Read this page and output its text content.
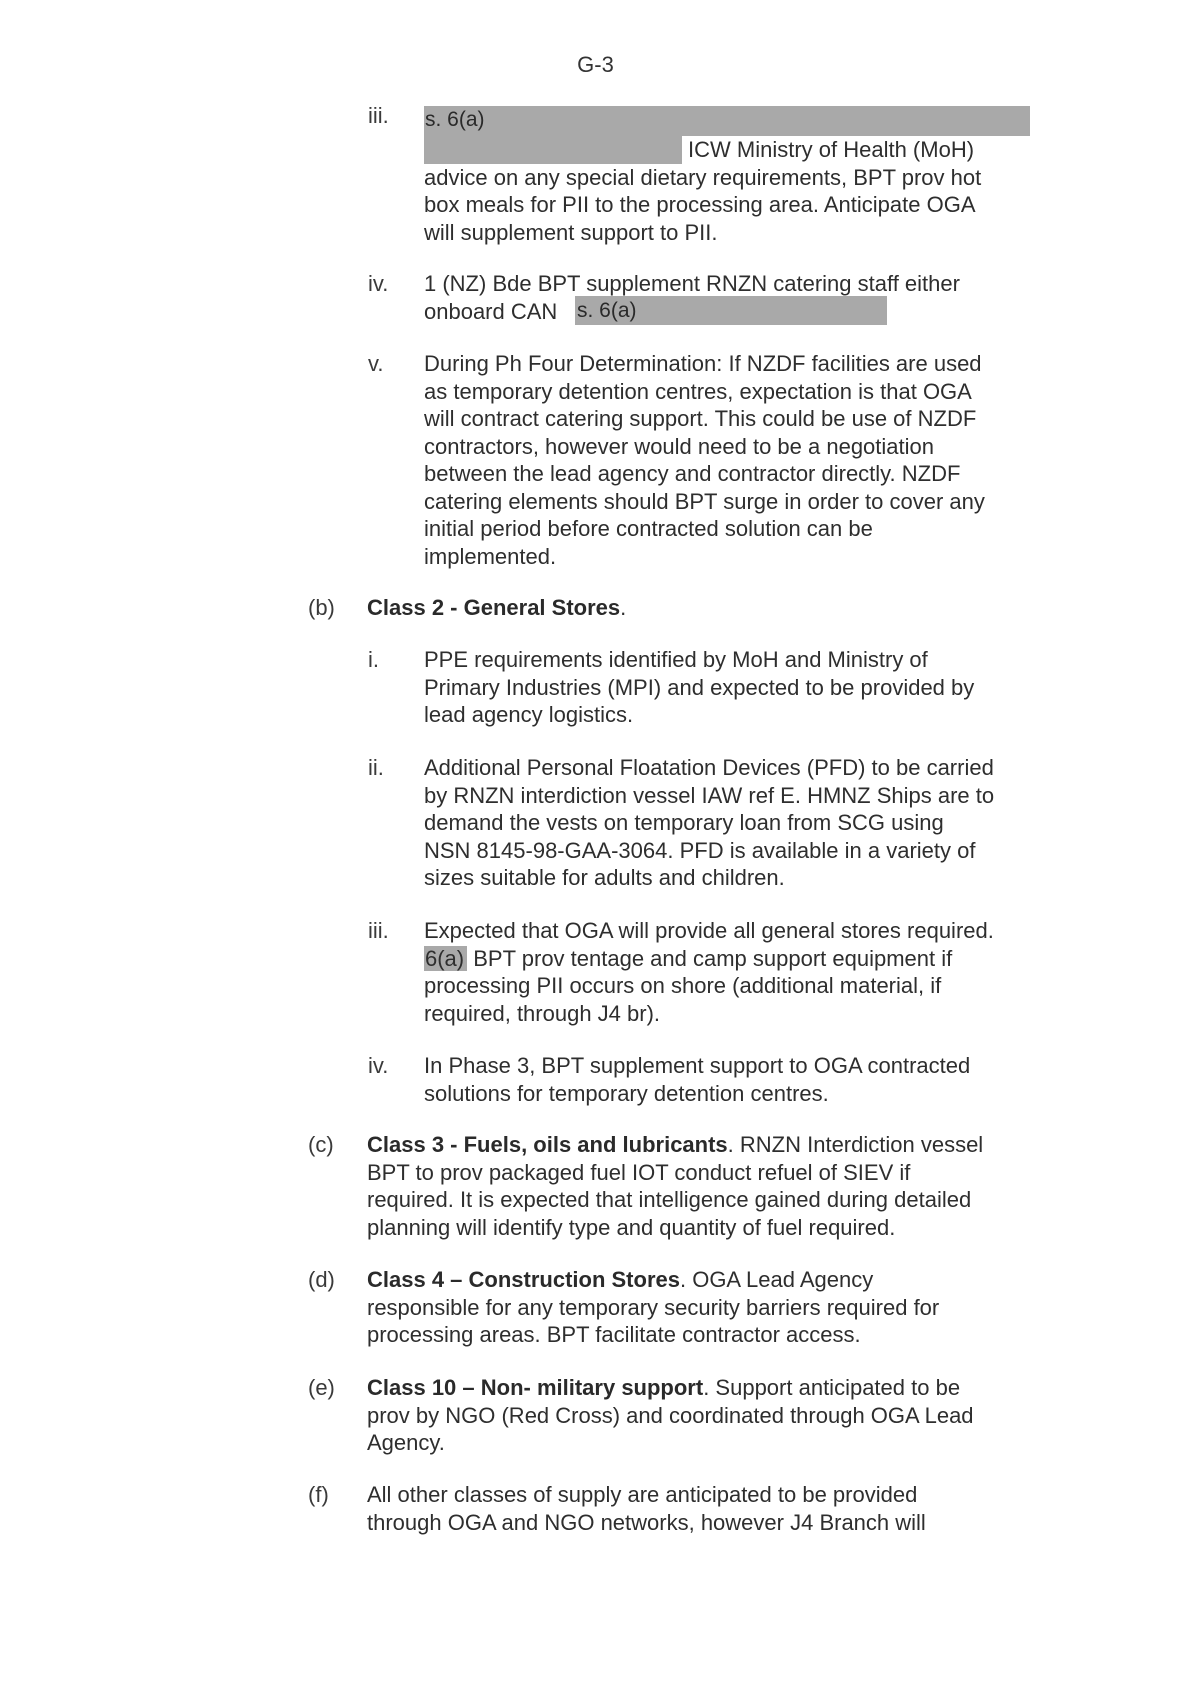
G-3
iii. s. 6(a)
ICW Ministry of Health (MoH)
advice on any special dietary requirements, BPT prov hot
box meals for PII to the processing area. Anticipate OGA
will supplement support to PII.
iv. 1 (NZ) Bde BPT supplement RNZN catering staff either
onboard CAN s. 6(a)
v. During Ph Four Determination: If NZDF facilities are used
as temporary detention centres, expectation is that OGA
will contract catering support. This could be use of NZDF
contractors, however would need to be a negotiation
between the lead agency and contractor directly. NZDF
catering elements should BPT surge in order to cover any
initial period before contracted solution can be
implemented.
(b) Class 2 - General Stores.
i. PPE requirements identified by MoH and Ministry of
Primary Industries (MPI) and expected to be provided by
lead agency logistics.
ii. Additional Personal Floatation Devices (PFD) to be carried
by RNZN interdiction vessel IAW ref E. HMNZ Ships are to
demand the vests on temporary loan from SCG using
NSN 8145-98-GAA-3064. PFD is available in a variety of
sizes suitable for adults and children.
iii. Expected that OGA will provide all general stores required.
6(a) BPT prov tentage and camp support equipment if
processing PII occurs on shore (additional material, if
required, through J4 br).
iv. In Phase 3, BPT supplement support to OGA contracted
solutions for temporary detention centres.
(c) Class 3 - Fuels, oils and lubricants. RNZN Interdiction vessel
BPT to prov packaged fuel IOT conduct refuel of SIEV if
required. It is expected that intelligence gained during detailed
planning will identify type and quantity of fuel required.
(d) Class 4 – Construction Stores. OGA Lead Agency
responsible for any temporary security barriers required for
processing areas. BPT facilitate contractor access.
(e) Class 10 – Non- military support. Support anticipated to be
prov by NGO (Red Cross) and coordinated through OGA Lead
Agency.
(f) All other classes of supply are anticipated to be provided
through OGA and NGO networks, however J4 Branch will
